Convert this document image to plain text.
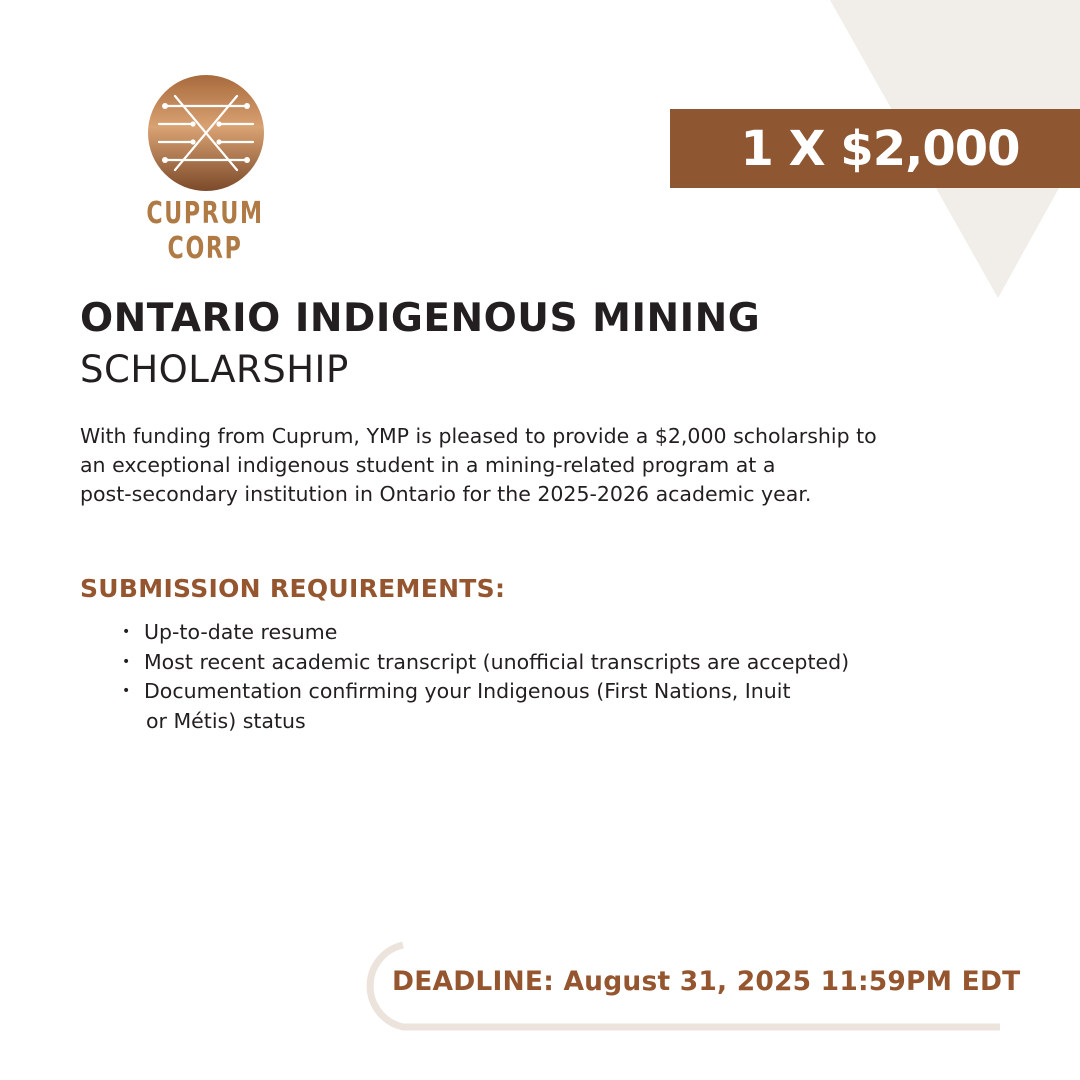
CUPRUM CORP
1 X $2,000
ONTARIO INDIGENOUS MINING
SCHOLARSHIP

With funding from Cuprum, YMP is pleased to provide a $2,000 scholarship to

an exceptional indigenous student in a mining-related program at a

post-secondary institution in Ontario for the 2025-2026 academic year.

SUBMISSION REQUIREMENTS:
• Up-to-date resume
• Most recent academic transcript (unofficial transcripts are accepted)
• Documentation confirming your Indigenous (First Nations, Inuit
or Métis) status
DEADLINE: August 31, 2025 11:59PM EDT
